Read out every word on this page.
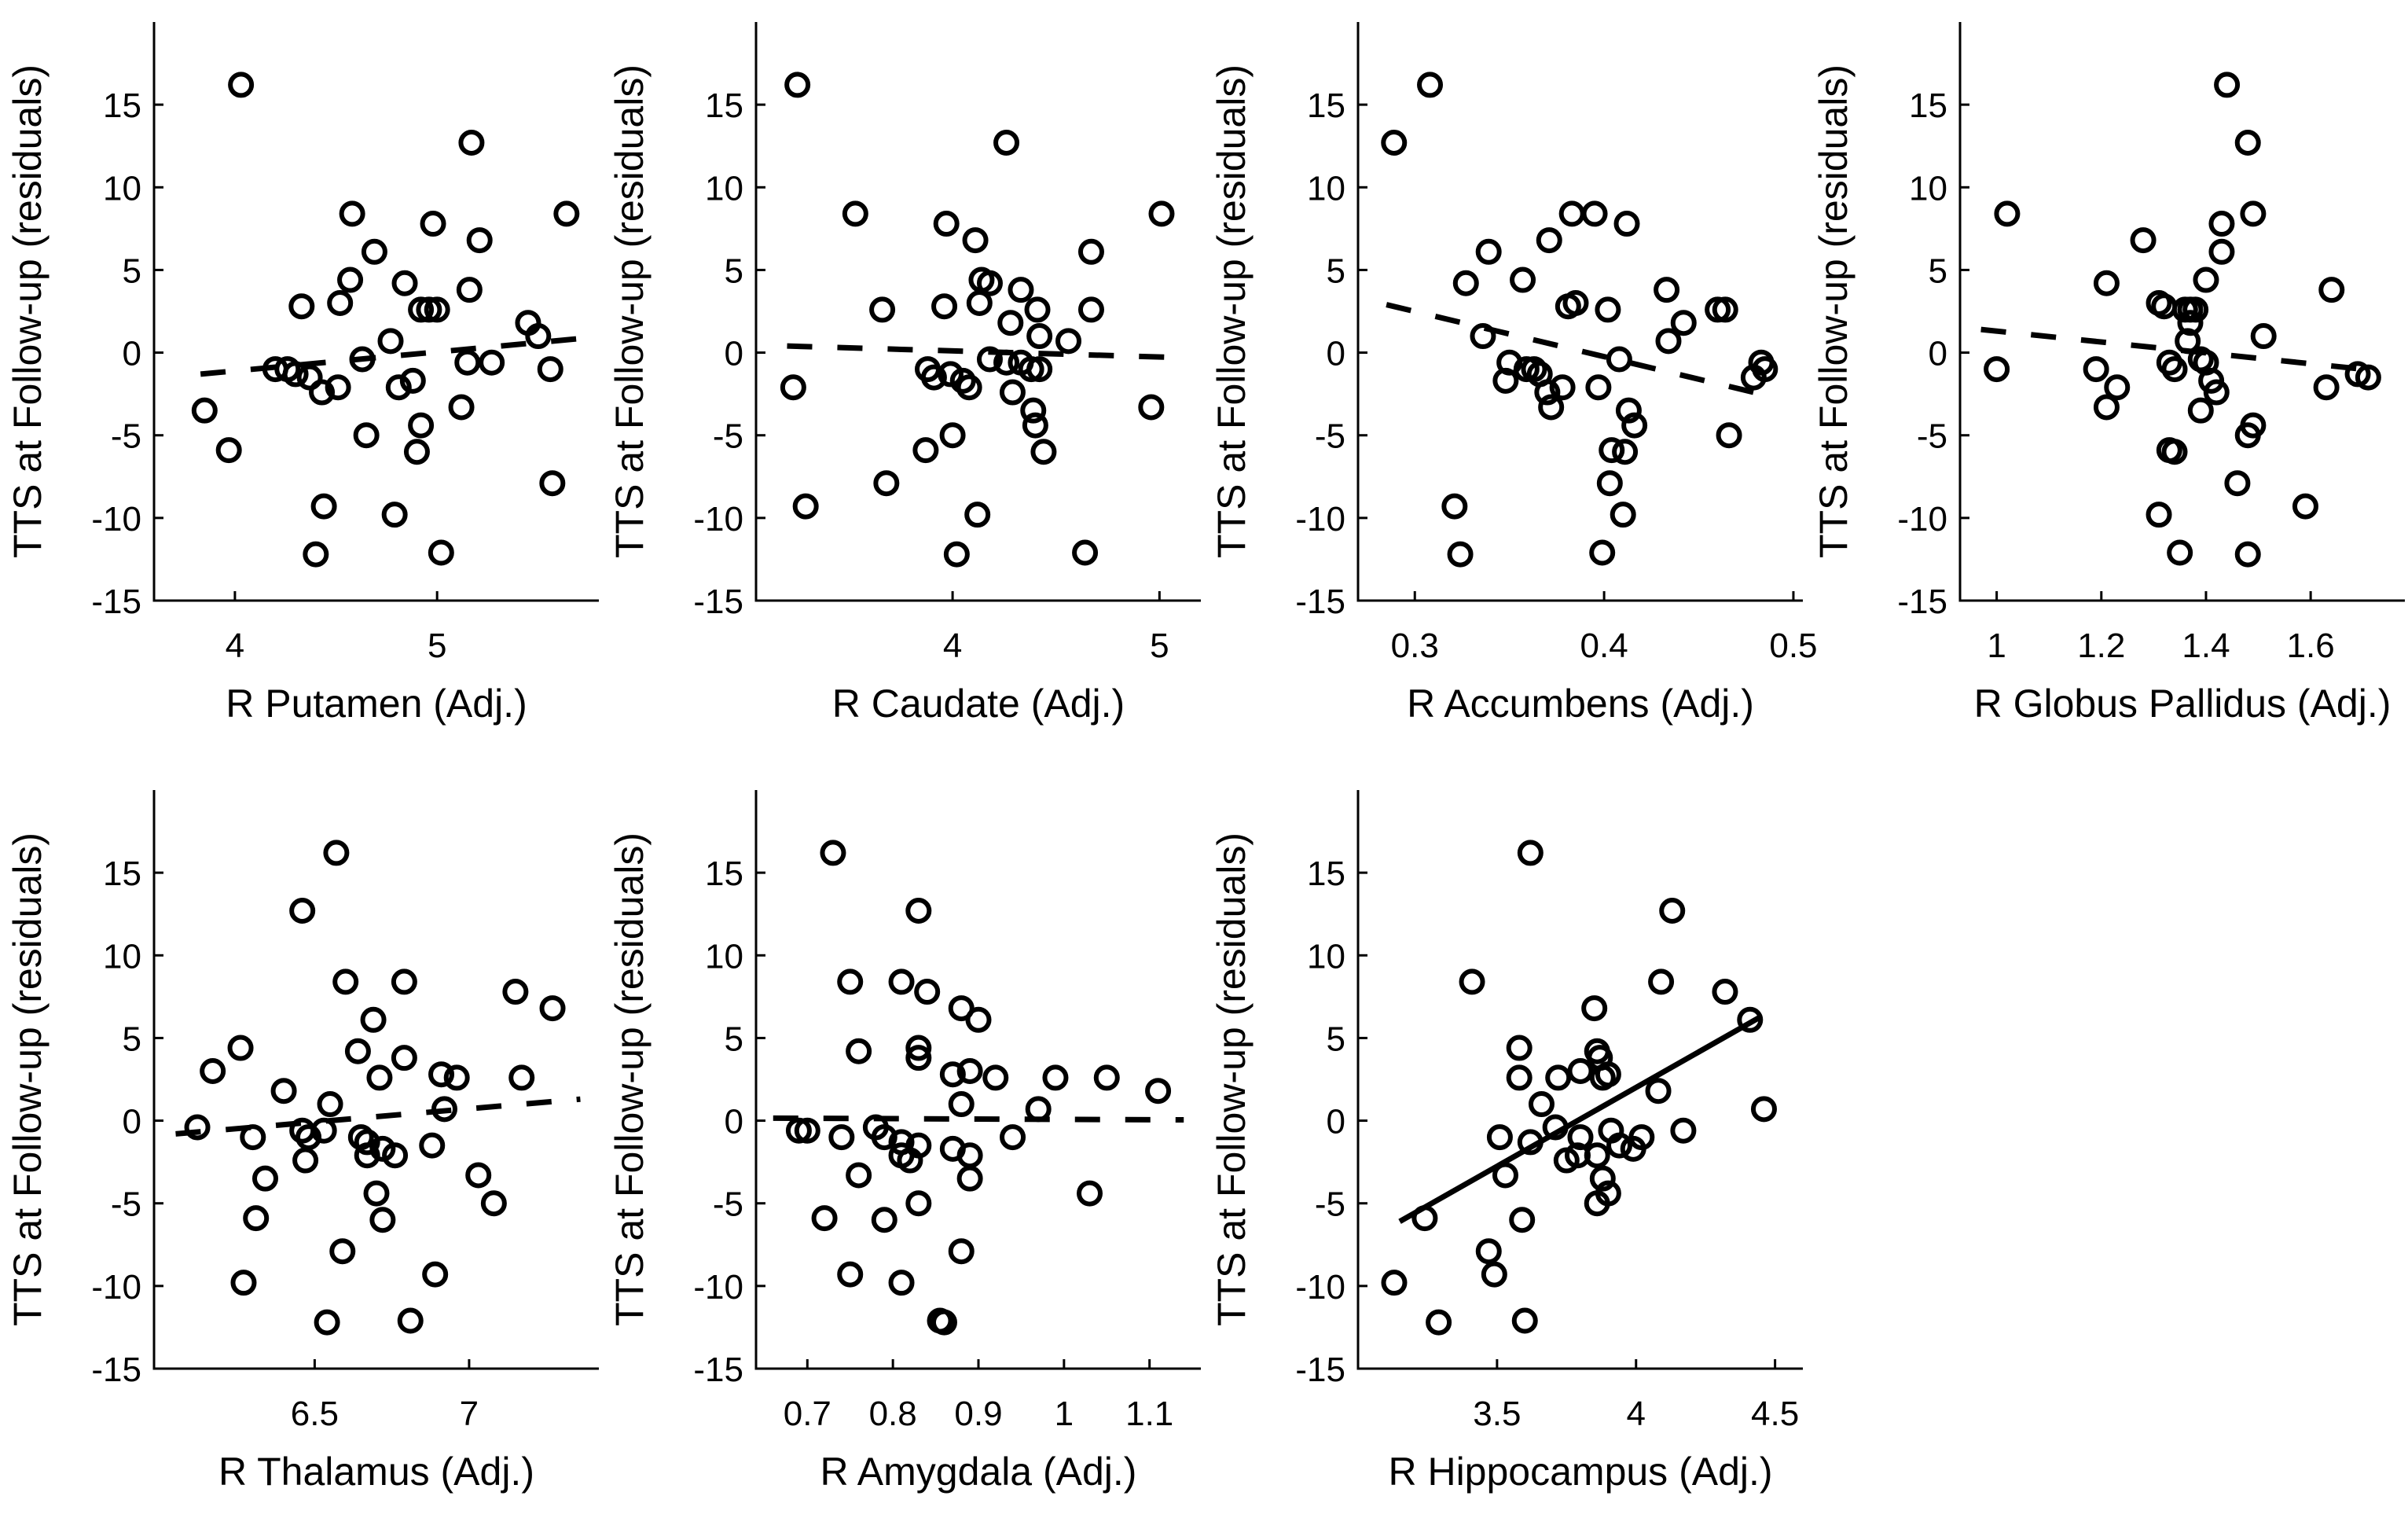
4	5
-15
-10
-5
0
5
10
15
R Putamen (Adj.)
TTS at Follow-up (residuals)
4	5
-15
-10
-5
0
5
10
15
R Caudate (Adj.)
TTS at Follow-up (residuals)
0.3	0.4	0.5
-15
-10
-5
0
5
10
15
R Accumbens (Adj.)
TTS at Follow-up (residuals)
1 1.2 1.4 1.6
-15
-10
-5
0
5
10
15
R Globus Pallidus (Adj.)
TTS at Follow-up (residuals)
6.5	7
-15
-10
-5
0
5
10
15
R Thalamus (Adj.)
TTS at Follow-up (residuals)
0.7 0.8 0.9 1 1.1
-15
-10
-5
0
5
10
15
R Amygdala (Adj.)
TTS at Follow-up (residuals)
3.5	4	4.5
-15
-10
-5
0
5
10
15
R Hippocampus (Adj.)
TTS at Follow-up (residuals)
